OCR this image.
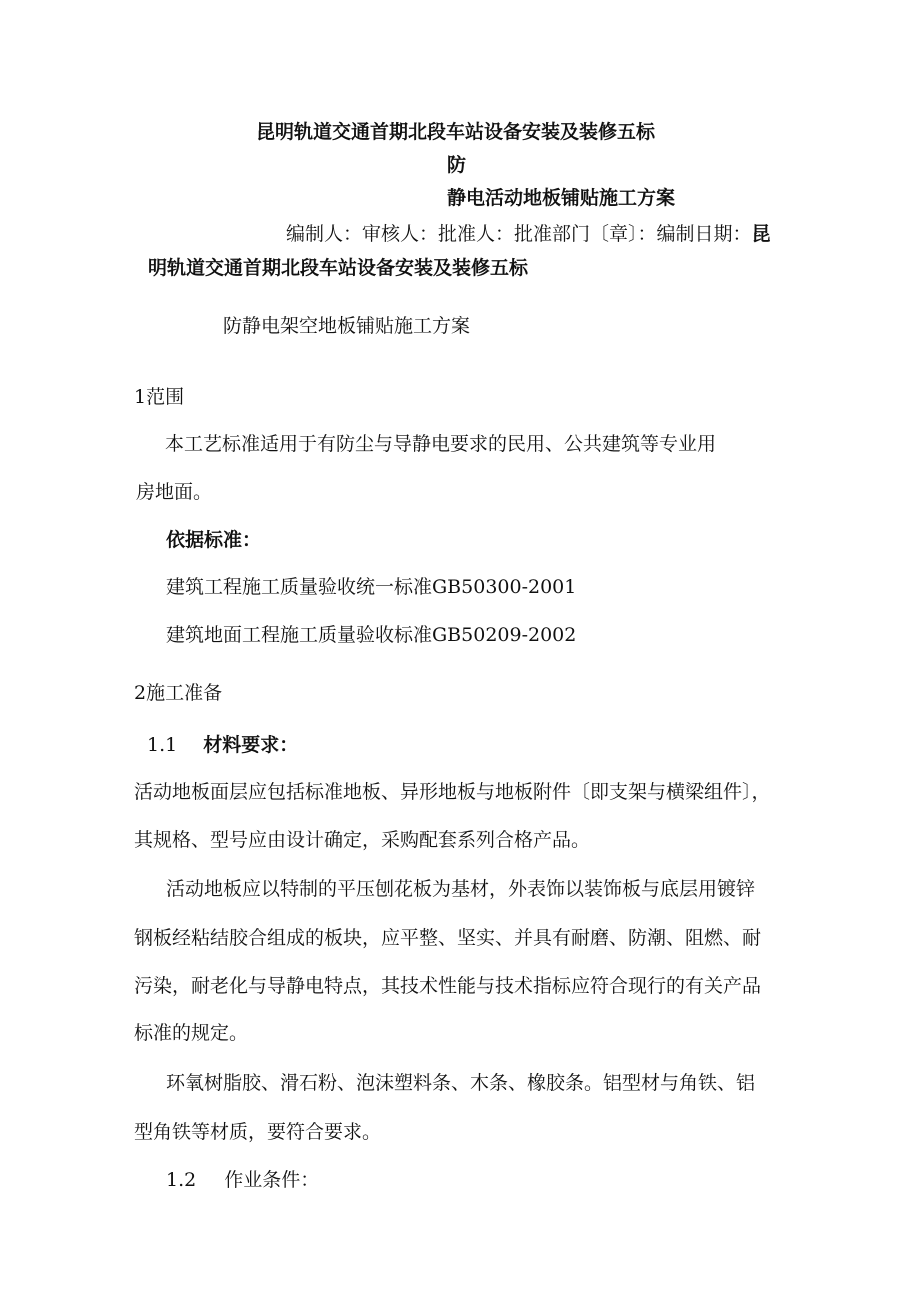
昆明轨道交通首期北段车站设备安装及装修五标
防
静电活动地板铺贴施工方案
编制人：审核人：批准人：批准部门〔章〕：编制日期：昆
明轨道交通首期北段车站设备安装及装修五标
防静电架空地板铺贴施工方案
1范围
本工艺标准适用于有防尘与导静电要求的民用、公共建筑等专业用
房地面。
依据标准：
建筑工程施工质量验收统一标准GB50300-2001
建筑地面工程施工质量验收标准GB50209-2002
2施工准备
1.1 材料要求：
活动地板面层应包括标准地板、异形地板与地板附件〔即支架与横梁组件〕，
其规格、型号应由设计确定，采购配套系列合格产品。
活动地板应以特制的平压刨花板为基材，外表饰以装饰板与底层用镀锌
钢板经粘结胶合组成的板块，应平整、坚实、并具有耐磨、防潮、阻燃、耐
污染，耐老化与导静电特点，其技术性能与技术指标应符合现行的有关产品
标准的规定。
环氧树脂胶、滑石粉、泡沫塑料条、木条、橡胶条。铝型材与角铁、铝
型角铁等材质，要符合要求。
1.2 作业条件：
